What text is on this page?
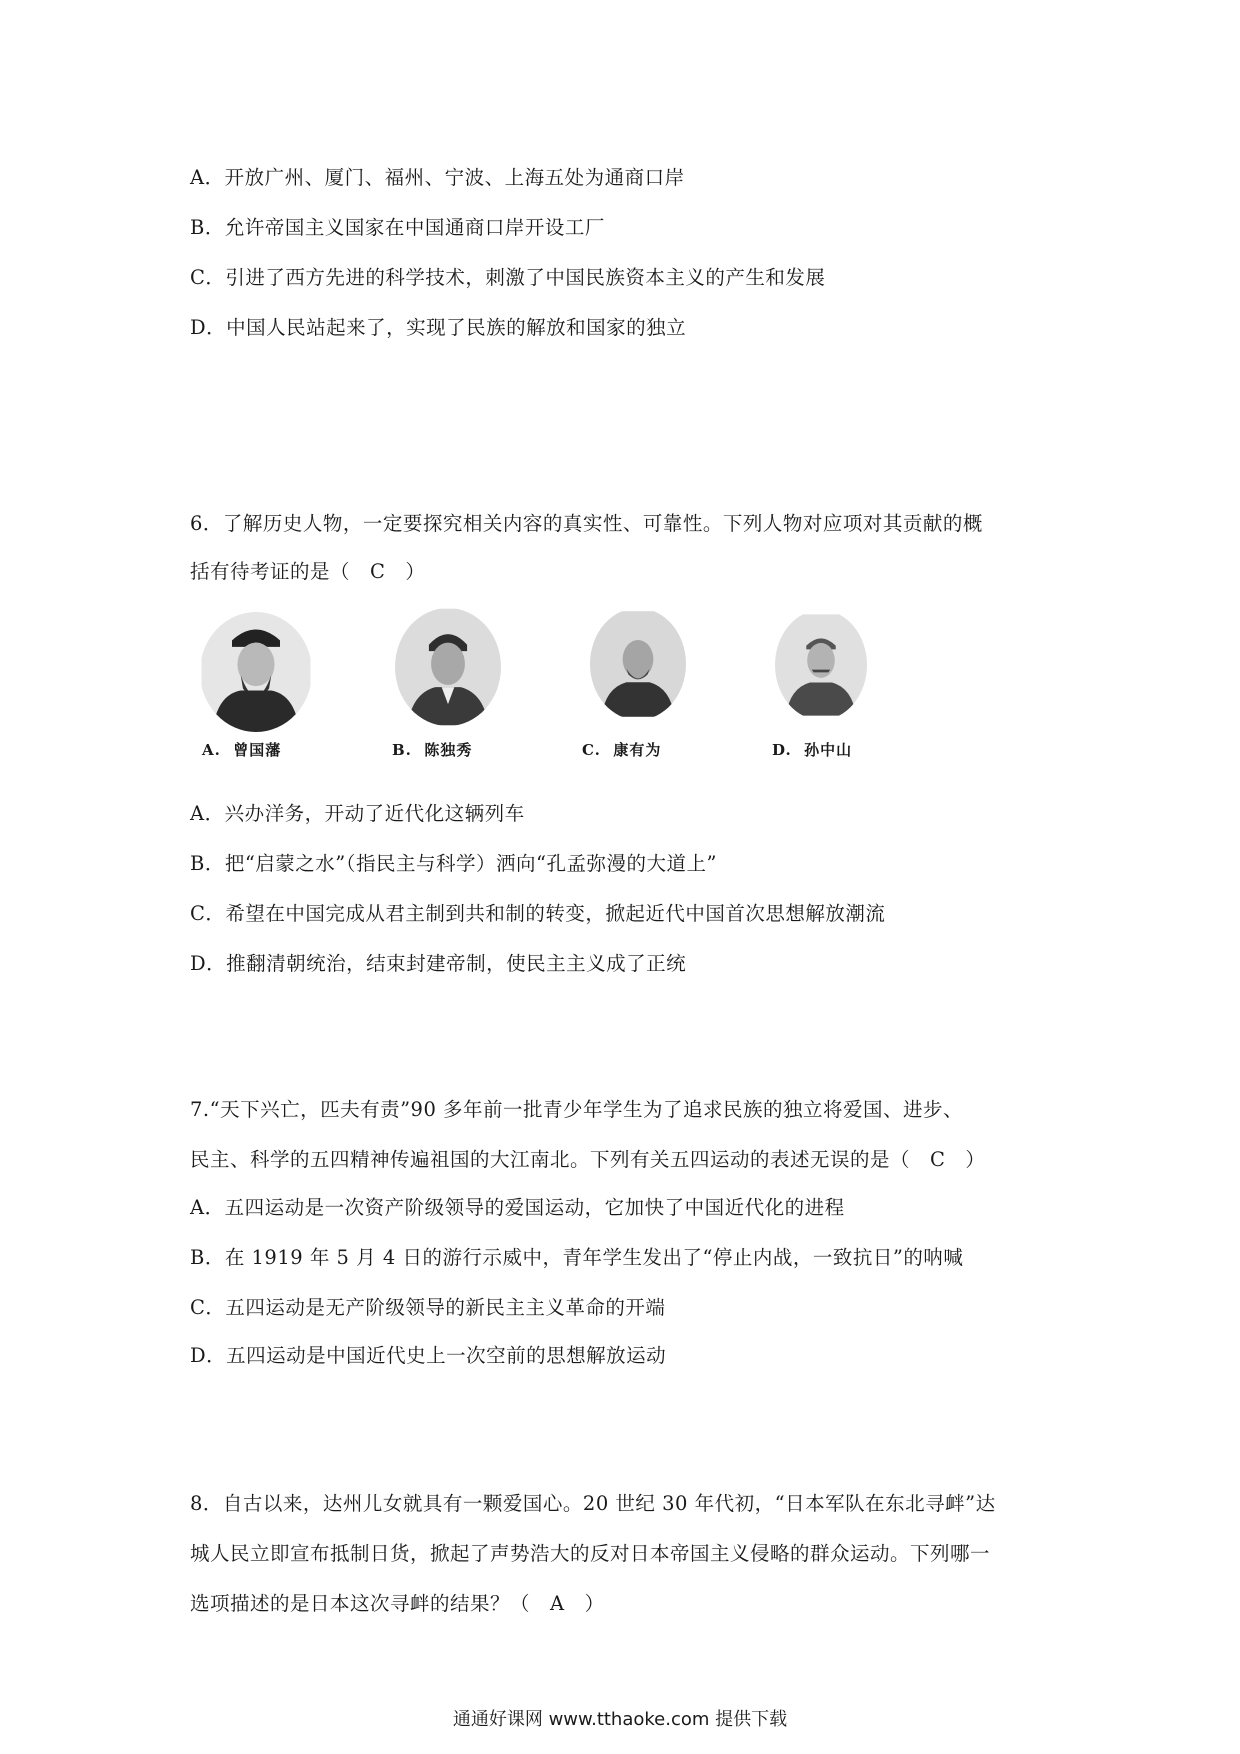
A．开放广州、厦门、福州、宁波、上海五处为通商口岸
B．允许帝国主义国家在中国通商口岸开设工厂
C．引进了西方先进的科学技术，刺激了中国民族资本主义的产生和发展
D．中国人民站起来了，实现了民族的解放和国家的独立
6．了解历史人物，一定要探究相关内容的真实性、可靠性。下列人物对应项对其贡献的概
括有待考证的是（　C　）
A.  曾国藩	B.  陈独秀	C.  康有为	D.  孙中山
A．兴办洋务，开动了近代化这辆列车
B．把“启蒙之水”（指民主与科学）洒向“孔孟弥漫的大道上”
C．希望在中国完成从君主制到共和制的转变，掀起近代中国首次思想解放潮流
D．推翻清朝统治，结束封建帝制，使民主主义成了正统
7.“天下兴亡，匹夫有责”90 多年前一批青少年学生为了追求民族的独立将爱国、进步、
民主、科学的五四精神传遍祖国的大江南北。下列有关五四运动的表述无误的是（　C　）
A．五四运动是一次资产阶级领导的爱国运动，它加快了中国近代化的进程
B．在 1919 年 5 月 4 日的游行示威中，青年学生发出了“停止内战，一致抗日”的呐喊
C．五四运动是无产阶级领导的新民主主义革命的开端
D．五四运动是中国近代史上一次空前的思想解放运动
8．自古以来，达州儿女就具有一颗爱国心。20 世纪 30 年代初，“日本军队在东北寻衅”达
城人民立即宣布抵制日货，掀起了声势浩大的反对日本帝国主义侵略的群众运动。下列哪一
选项描述的是日本这次寻衅的结果？（　A　）
通通好课网 www.tthaoke.com 提供下载
